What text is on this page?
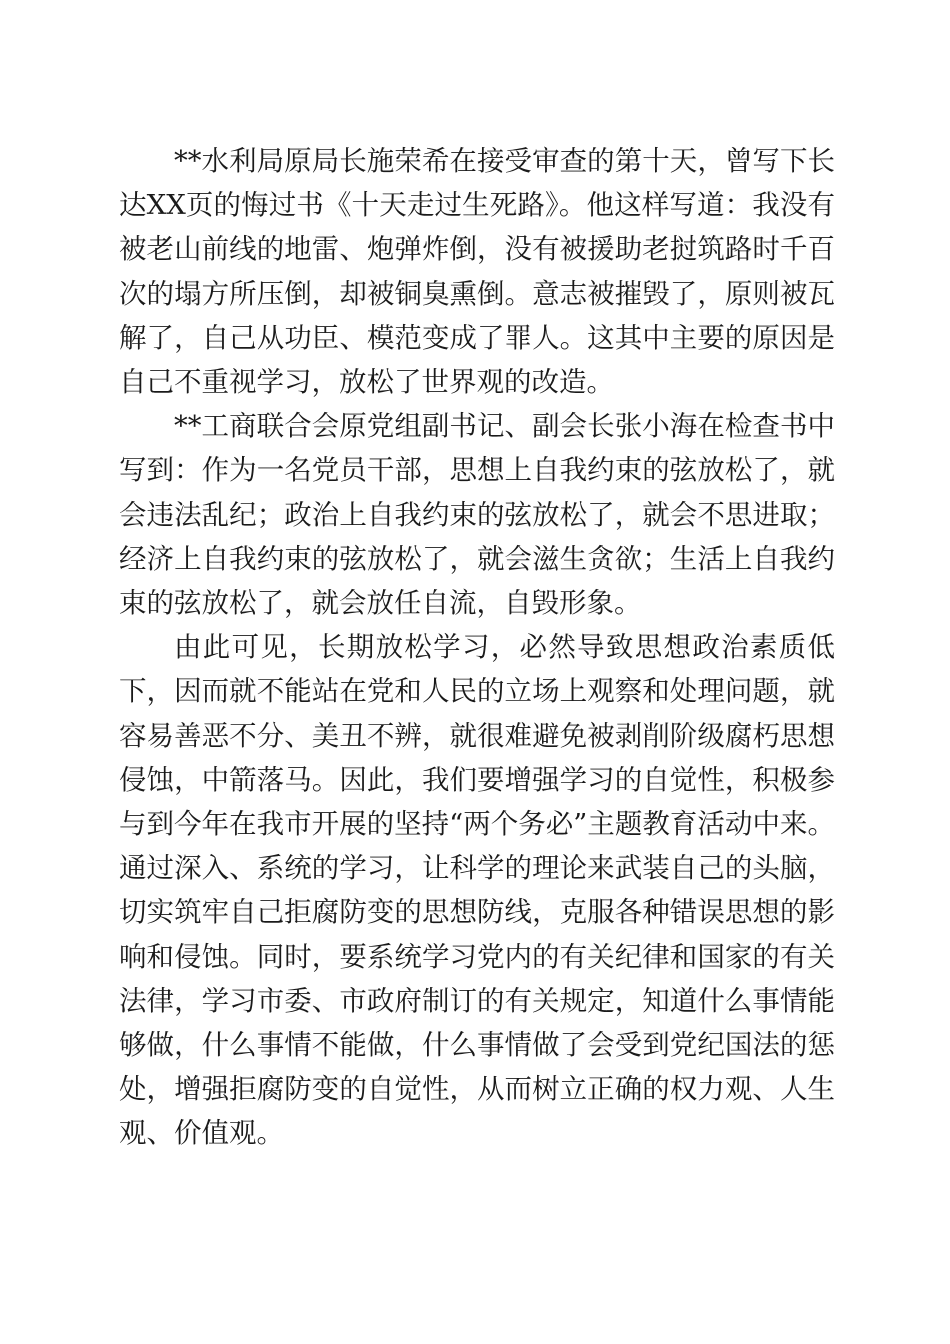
**水利局原局长施荣希在接受审查的第十天，曾写下长达XX页的悔过书《十天走过生死路》。他这样写道：我没有被老山前线的地雷、炮弹炸倒，没有被援助老挝筑路时千百次的塌方所压倒，却被铜臭熏倒。意志被摧毁了，原则被瓦解了，自己从功臣、模范变成了罪人。这其中主要的原因是自己不重视学习，放松了世界观的改造。

**工商联合会原党组副书记、副会长张小海在检查书中写到：作为一名党员干部，思想上自我约束的弦放松了，就会违法乱纪；政治上自我约束的弦放松了，就会不思进取；经济上自我约束的弦放松了，就会滋生贪欲；生活上自我约束的弦放松了，就会放任自流，自毁形象。

由此可见，长期放松学习，必然导致思想政治素质低下，因而就不能站在党和人民的立场上观察和处理问题，就容易善恶不分、美丑不辨，就很难避免被剥削阶级腐朽思想侵蚀，中箭落马。因此，我们要增强学习的自觉性，积极参与到今年在我市开展的坚持“两个务必”主题教育活动中来。通过深入、系统的学习，让科学的理论来武装自己的头脑，切实筑牢自己拒腐防变的思想防线，克服各种错误思想的影响和侵蚀。同时，要系统学习党内的有关纪律和国家的有关法律，学习市委、市政府制订的有关规定，知道什么事情能够做，什么事情不能做，什么事情做了会受到党纪国法的惩处，增强拒腐防变的自觉性，从而树立正确的权力观、人生观、价值观。
